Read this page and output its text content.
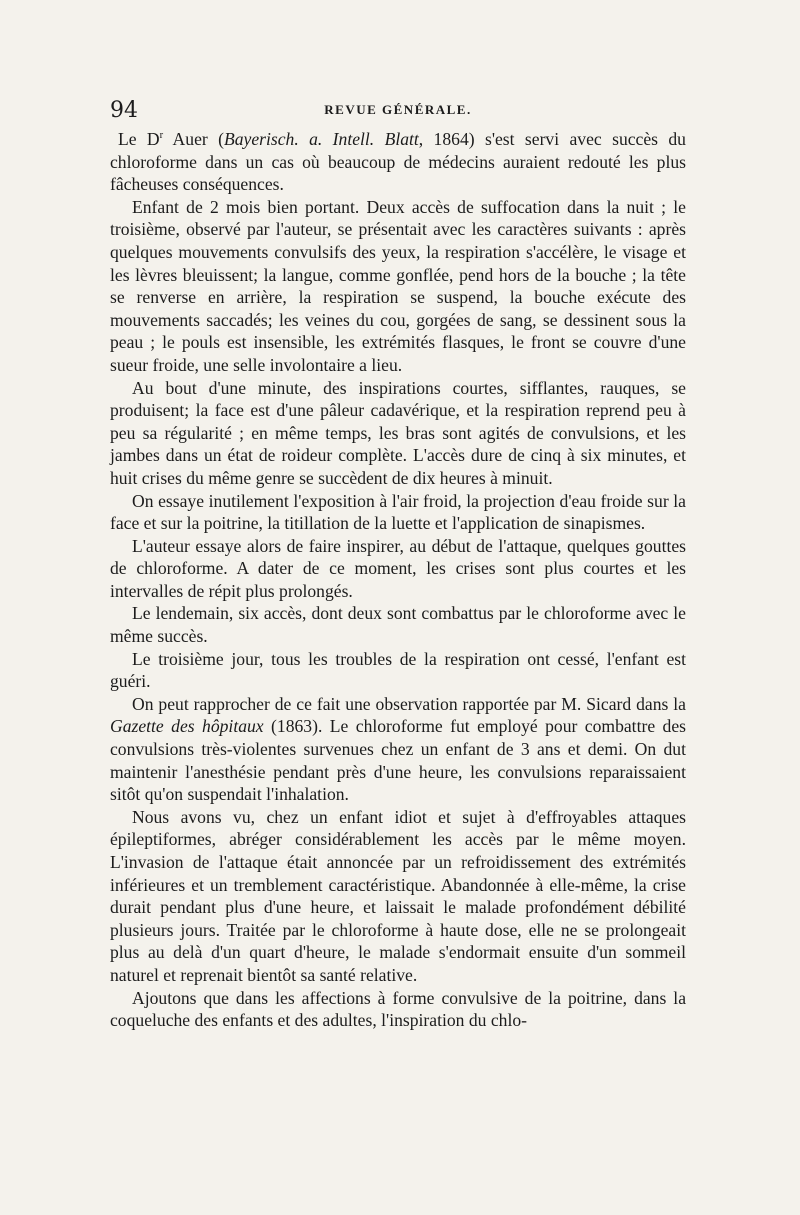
94	REVUE GÉNÉRALE.

Le $D^r$ Auer (Bayerisch. a. Intell. Blatt, 1864) s'est servi avec succès du chloroforme dans un cas où beaucoup de médecins auraient redouté les plus fâcheuses conséquences.

Enfant de 2 mois bien portant. Deux accès de suffocation dans la nuit ; le troisième, observé par l'auteur, se présentait avec les caractères suivants : après quelques mouvements convulsifs des yeux, la respiration s'accélère, le visage et les lèvres bleuissent; la langue, comme gonflée, pend hors de la bouche ; la tête se renverse en arrière, la respiration se suspend, la bouche exécute des mouvements saccadés; les veines du cou, gorgées de sang, se dessinent sous la peau ; le pouls est insensible, les extrémités flasques, le front se couvre d'une sueur froide, une selle involontaire a lieu.

Au bout d'une minute, des inspirations courtes, sifflantes, rauques, se produisent; la face est d'une pâleur cadavérique, et la respiration reprend peu à peu sa régularité ; en même temps, les bras sont agités de convulsions, et les jambes dans un état de roideur complète. L'accès dure de cinq à six minutes, et huit crises du même genre se succèdent de dix heures à minuit.

On essaye inutilement l'exposition à l'air froid, la projection d'eau froide sur la face et sur la poitrine, la titillation de la luette et l'application de sinapismes.

L'auteur essaye alors de faire inspirer, au début de l'attaque, quelques gouttes de chloroforme. A dater de ce moment, les crises sont plus courtes et les intervalles de répit plus prolongés.

Le lendemain, six accès, dont deux sont combattus par le chloroforme avec le même succès.

Le troisième jour, tous les troubles de la respiration ont cessé, l'enfant est guéri.

On peut rapprocher de ce fait une observation rapportée par M. Sicard dans la Gazette des hôpitaux (1863). Le chloroforme fut employé pour combattre des convulsions très-violentes survenues chez un enfant de 3 ans et demi. On dut maintenir l'anesthésie pendant près d'une heure, les convulsions reparaissaient sitôt qu'on suspendait l'inhalation.

Nous avons vu, chez un enfant idiot et sujet à d'effroyables attaques épileptiformes, abréger considérablement les accès par le même moyen. L'invasion de l'attaque était annoncée par un refroidissement des extrémités inférieures et un tremblement caractéristique. Abandonnée à elle-même, la crise durait pendant plus d'une heure, et laissait le malade profondément débilité plusieurs jours. Traitée par le chloroforme à haute dose, elle ne se prolongeait plus au delà d'un quart d'heure, le malade s'endormait ensuite d'un sommeil naturel et reprenait bientôt sa santé relative.

Ajoutons que dans les affections à forme convulsive de la poitrine, dans la coqueluche des enfants et des adultes, l'inspiration du chlo-
